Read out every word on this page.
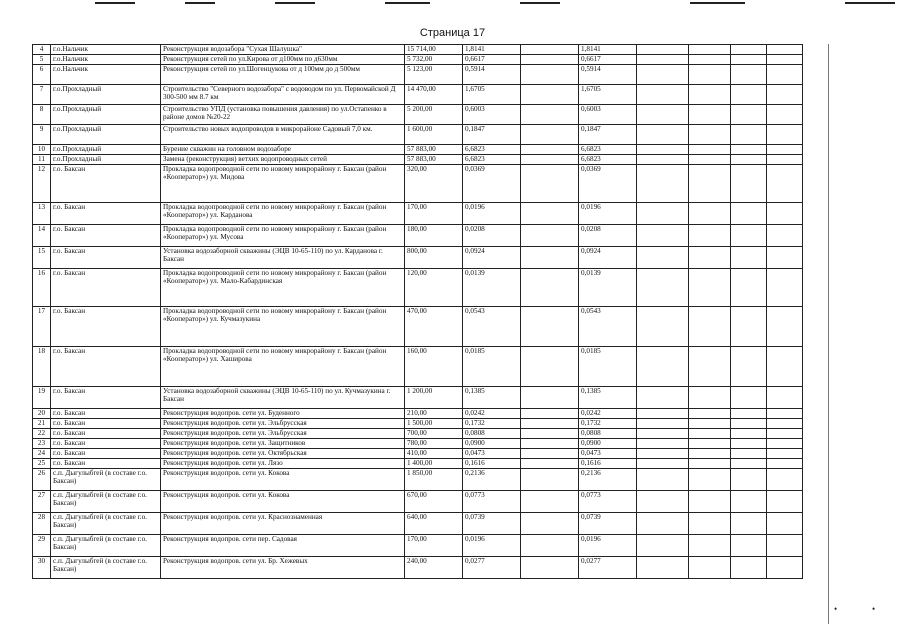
Страница 17
4	г.о.Нальчик	Реконструкция водозабора "Сухая Шалушка"	15 714,00	1,8141		1,8141				
5	г.о.Нальчик	Реконструкция сетей по ул.Кирова от д100мм по д630мм	5 732,00	0,6617		0,6617				
6	г.о.Нальчик	Реконструкция сетей по ул.Шогенцукова от д 100мм до д 500мм	5 123,00	0,5914		0,5914				
7	г.о.Прохладный	Строительство "Северного водозабора" с водоводом по ул. Первомайской Д 300-500 мм 8.7 км	14 470,00	1,6705		1,6705				
8	г.о.Прохладный	Строительство УПД (установка повышения давления) по ул.Остапенко в районе домов №20-22	5 200,00	0,6003		0,6003				
9	г.о.Прохладный	Строительство новых водопроводов в микрорайоне Садовый 7,0 км.	1 600,00	0,1847		0,1847				
10	г.о.Прохладный	Бурение скважин на головном водозаборе	57 883,00	6,6823		6,6823				
11	г.о.Прохладный	Замена (реконструкция) ветхих водопроводных сетей	57 883,00	6,6823		6,6823				
12	г.о. Баксан	Прокладка водопроводной сети по новому микрорайону г. Баксан (район «Кооператор») ул. Мидова	320,00	0,0369		0,0369				
13	г.о. Баксан	Прокладка водопроводной сети по новому микрорайону г. Баксан (район «Кооператор») ул. Карданова	170,00	0,0196		0,0196				
14	г.о. Баксан	Прокладка водопроводной сети по новому микрорайону г. Баксан (район «Кооператор») ул. Мусова	180,00	0,0208		0,0208				
15	г.о. Баксан	Установка водозаборной скважины (ЭЦВ 10-65-110) по ул. Карданова г. Баксан	800,00	0,0924		0,0924				
16	г.о. Баксан	Прокладка водопроводной сети по новому микрорайону г. Баксан (район «Кооператор») ул. Мало-Кабардинская	120,00	0,0139		0,0139				
17	г.о. Баксан	Прокладка водопроводной сети по новому микрорайону г. Баксан (район «Кооператор») ул. Кучмазукина	470,00	0,0543		0,0543				
18	г.о. Баксан	Прокладка водопроводной сети по новому микрорайону г. Баксан (район «Кооператор») ул. Хаширова	160,00	0,0185		0,0185				
19	г.о. Баксан	Установка водозаборной скважины (ЭЦВ 10-65-110) по ул. Кучмазукина г. Баксан	1 200,00	0,1385		0,1385				
20	г.о. Баксан	Реконструкция водопров. сети ул. Буденного	210,00	0,0242		0,0242				
21	г.о. Баксан	Реконструкция водопров. сети ул. Эльбрусская	1 500,00	0,1732		0,1732				
22	г.о. Баксан	Реконструкция водопров. сети ул. Эльбрусская	700,00	0,0808		0,0808				
23	г.о. Баксан	Реконструкция водопров. сети ул. Защитников	780,00	0,0900		0,0900				
24	г.о. Баксан	Реконструкция водопров. сети ул. Октябрьская	410,00	0,0473		0,0473				
25	г.о. Баксан	Реконструкция водопров. сети ул. Лязо	1 400,00	0,1616		0,1616				
26	с.п. Дыгулыбгей (в составе г.о. Баксан)	Реконструкция водопров. сети ул. Кокова	1 850,00	0,2136		0,2136				
27	с.п. Дыгулыбгей (в составе г.о. Баксан)	Реконструкция водопров. сети ул. Кокова	670,00	0,0773		0,0773				
28	с.п. Дыгулыбгей (в составе г.о. Баксан)	Реконструкция водопров. сети ул. Краснознаменная	640,00	0,0739		0,0739				
29	с.п. Дыгулыбгей (в составе г.о. Баксан)	Реконструкция водопров. сети пер. Садовая	170,00	0,0196		0,0196				
30	с.п. Дыгулыбгей (в составе г.о. Баксан)	Реконструкция водопров. сети ул. Бр. Хежевых	240,00	0,0277		0,0277				
•	•
